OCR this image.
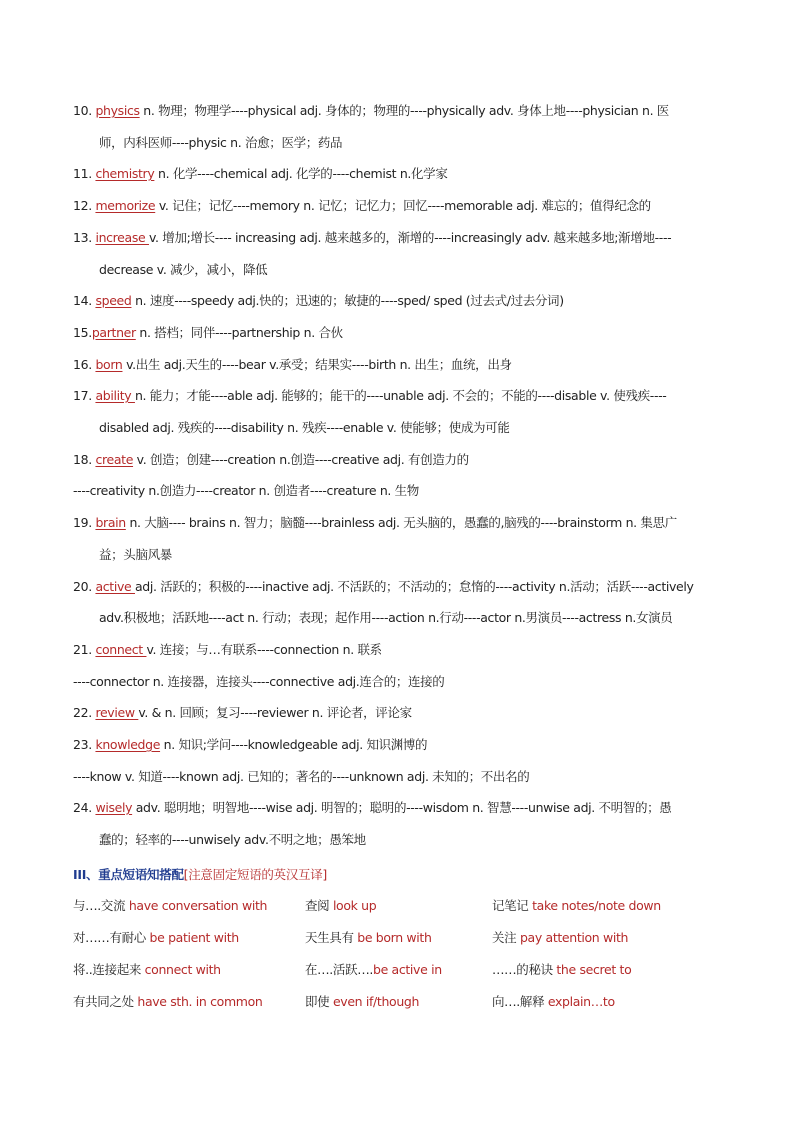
10. physics n. 物理；物理学----physical adj. 身体的；物理的----physically adv. 身体上地----physician n. 医
师，内科医师----physic n. 治愈；医学；药品
11. chemistry n. 化学----chemical adj. 化学的----chemist n.化学家
12. memorize v. 记住；记忆----memory n. 记忆；记忆力；回忆----memorable adj. 难忘的；值得纪念的
13. increase v. 增加;增长---- increasing adj. 越来越多的，渐增的----increasingly adv. 越来越多地;渐增地----
decrease v. 减少，减小，降低
14. speed n. 速度----speedy adj.快的；迅速的；敏捷的----sped/ sped (过去式/过去分词)
15.partner n. 搭档；同伴----partnership n. 合伙
16. born v.出生 adj.天生的----bear v.承受；结果实----birth n. 出生；血统，出身
17. ability n. 能力；才能----able adj. 能够的；能干的----unable adj. 不会的；不能的----disable v. 使残疾----
disabled adj. 残疾的----disability n. 残疾----enable v. 使能够；使成为可能
18. create v. 创造；创建----creation n.创造----creative adj. 有创造力的
----creativity n.创造力----creator n. 创造者----creature n. 生物
19. brain n. 大脑---- brains n. 智力；脑髓----brainless adj. 无头脑的，愚蠢的,脑残的----brainstorm n. 集思广
益；头脑风暴
20. active adj. 活跃的；积极的----inactive adj. 不活跃的；不活动的；怠惰的----activity n.活动；活跃----actively
adv.积极地；活跃地----act n. 行动；表现；起作用----action n.行动----actor n.男演员----actress n.女演员
21. connect v. 连接；与…有联系----connection n. 联系
----connector n. 连接器，连接头----connective adj.连合的；连接的
22. review v. & n. 回顾；复习----reviewer n. 评论者，评论家
23. knowledge n. 知识;学问----knowledgeable adj. 知识渊博的
----know v. 知道----known adj. 已知的；著名的----unknown adj. 未知的；不出名的
24. wisely adv. 聪明地；明智地----wise adj. 明智的；聪明的----wisdom n. 智慧----unwise adj. 不明智的；愚
蠢的；轻率的----unwisely adv.不明之地；愚笨地
III、重点短语知搭配[注意固定短语的英汉互译]
与….交流 have conversation with	查阅 look up	记笔记 take notes/note down
对……有耐心 be patient with	天生具有 be born with	关注 pay attention with
将..连接起来 connect with	在….活跃….be active in	……的秘诀 the secret to
有共同之处 have sth. in common	即使 even if/though	向….解释 explain…to
